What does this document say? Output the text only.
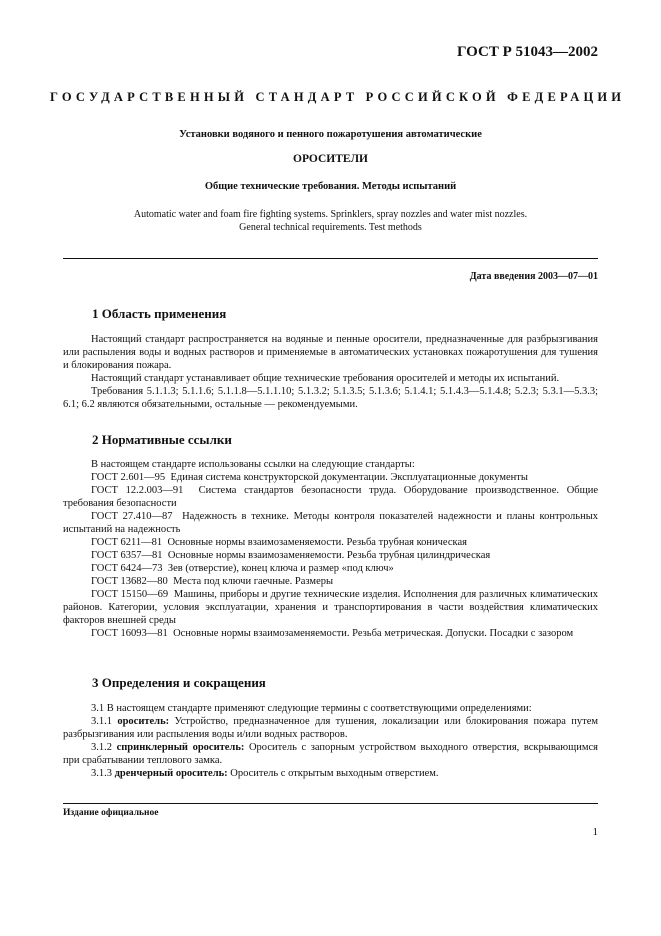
ГОСТ Р 51043—2002
ГОСУДАРСТВЕННЫЙ СТАНДАРТ РОССИЙСКОЙ ФЕДЕРАЦИИ
Установки водяного и пенного пожаротушения автоматические
ОРОСИТЕЛИ
Общие технические требования. Методы испытаний
Automatic water and foam fire fighting systems. Sprinklers, spray nozzles and water mist nozzles.
General technical requirements. Test methods
Дата введения 2003—07—01
1 Область применения

Настоящий стандарт распространяется на водяные и пенные оросители, предназначенные для разбрызгивания или распыления воды и водных растворов и применяемые в автоматических установках пожаротушения для тушения и блокирования пожара.

Настоящий стандарт устанавливает общие технические требования оросителей и методы их испытаний.

Требования 5.1.1.3; 5.1.1.6; 5.1.1.8—5.1.1.10; 5.1.3.2; 5.1.3.5; 5.1.3.6; 5.1.4.1; 5.1.4.3—5.1.4.8; 5.2.3; 5.3.1—5.3.3; 6.1; 6.2 являются обязательными, остальные — рекомендуемыми.

2 Нормативные ссылки

В настоящем стандарте использованы ссылки на следующие стандарты:

ГОСТ 2.601—95 Единая система конструкторской документации. Эксплуатационные документы

ГОСТ 12.2.003—91 Система стандартов безопасности труда. Оборудование производственное. Общие требования безопасности

ГОСТ 27.410—87 Надежность в технике. Методы контроля показателей надежности и планы контрольных испытаний на надежность

ГОСТ 6211—81 Основные нормы взаимозаменяемости. Резьба трубная коническая

ГОСТ 6357—81 Основные нормы взаимозаменяемости. Резьба трубная цилиндрическая

ГОСТ 6424—73 Зев (отверстие), конец ключа и размер «под ключ»

ГОСТ 13682—80 Места под ключи гаечные. Размеры

ГОСТ 15150—69 Машины, приборы и другие технические изделия. Исполнения для различных климатических районов. Категории, условия эксплуатации, хранения и транспортирования в части воздействия климатических факторов внешней среды

ГОСТ 16093—81 Основные нормы взаимозаменяемости. Резьба метрическая. Допуски. Посадки с зазором

3 Определения и сокращения

3.1 В настоящем стандарте применяют следующие термины с соответствующими определениями:

3.1.1 ороситель: Устройство, предназначенное для тушения, локализации или блокирования пожара путем разбрызгивания или распыления воды и/или водных растворов.

3.1.2 спринклерный ороситель: Ороситель с запорным устройством выходного отверстия, вскрывающимся при срабатывании теплового замка.

3.1.3 дренчерный ороситель: Ороситель с открытым выходным отверстием.

Издание официальное
1
